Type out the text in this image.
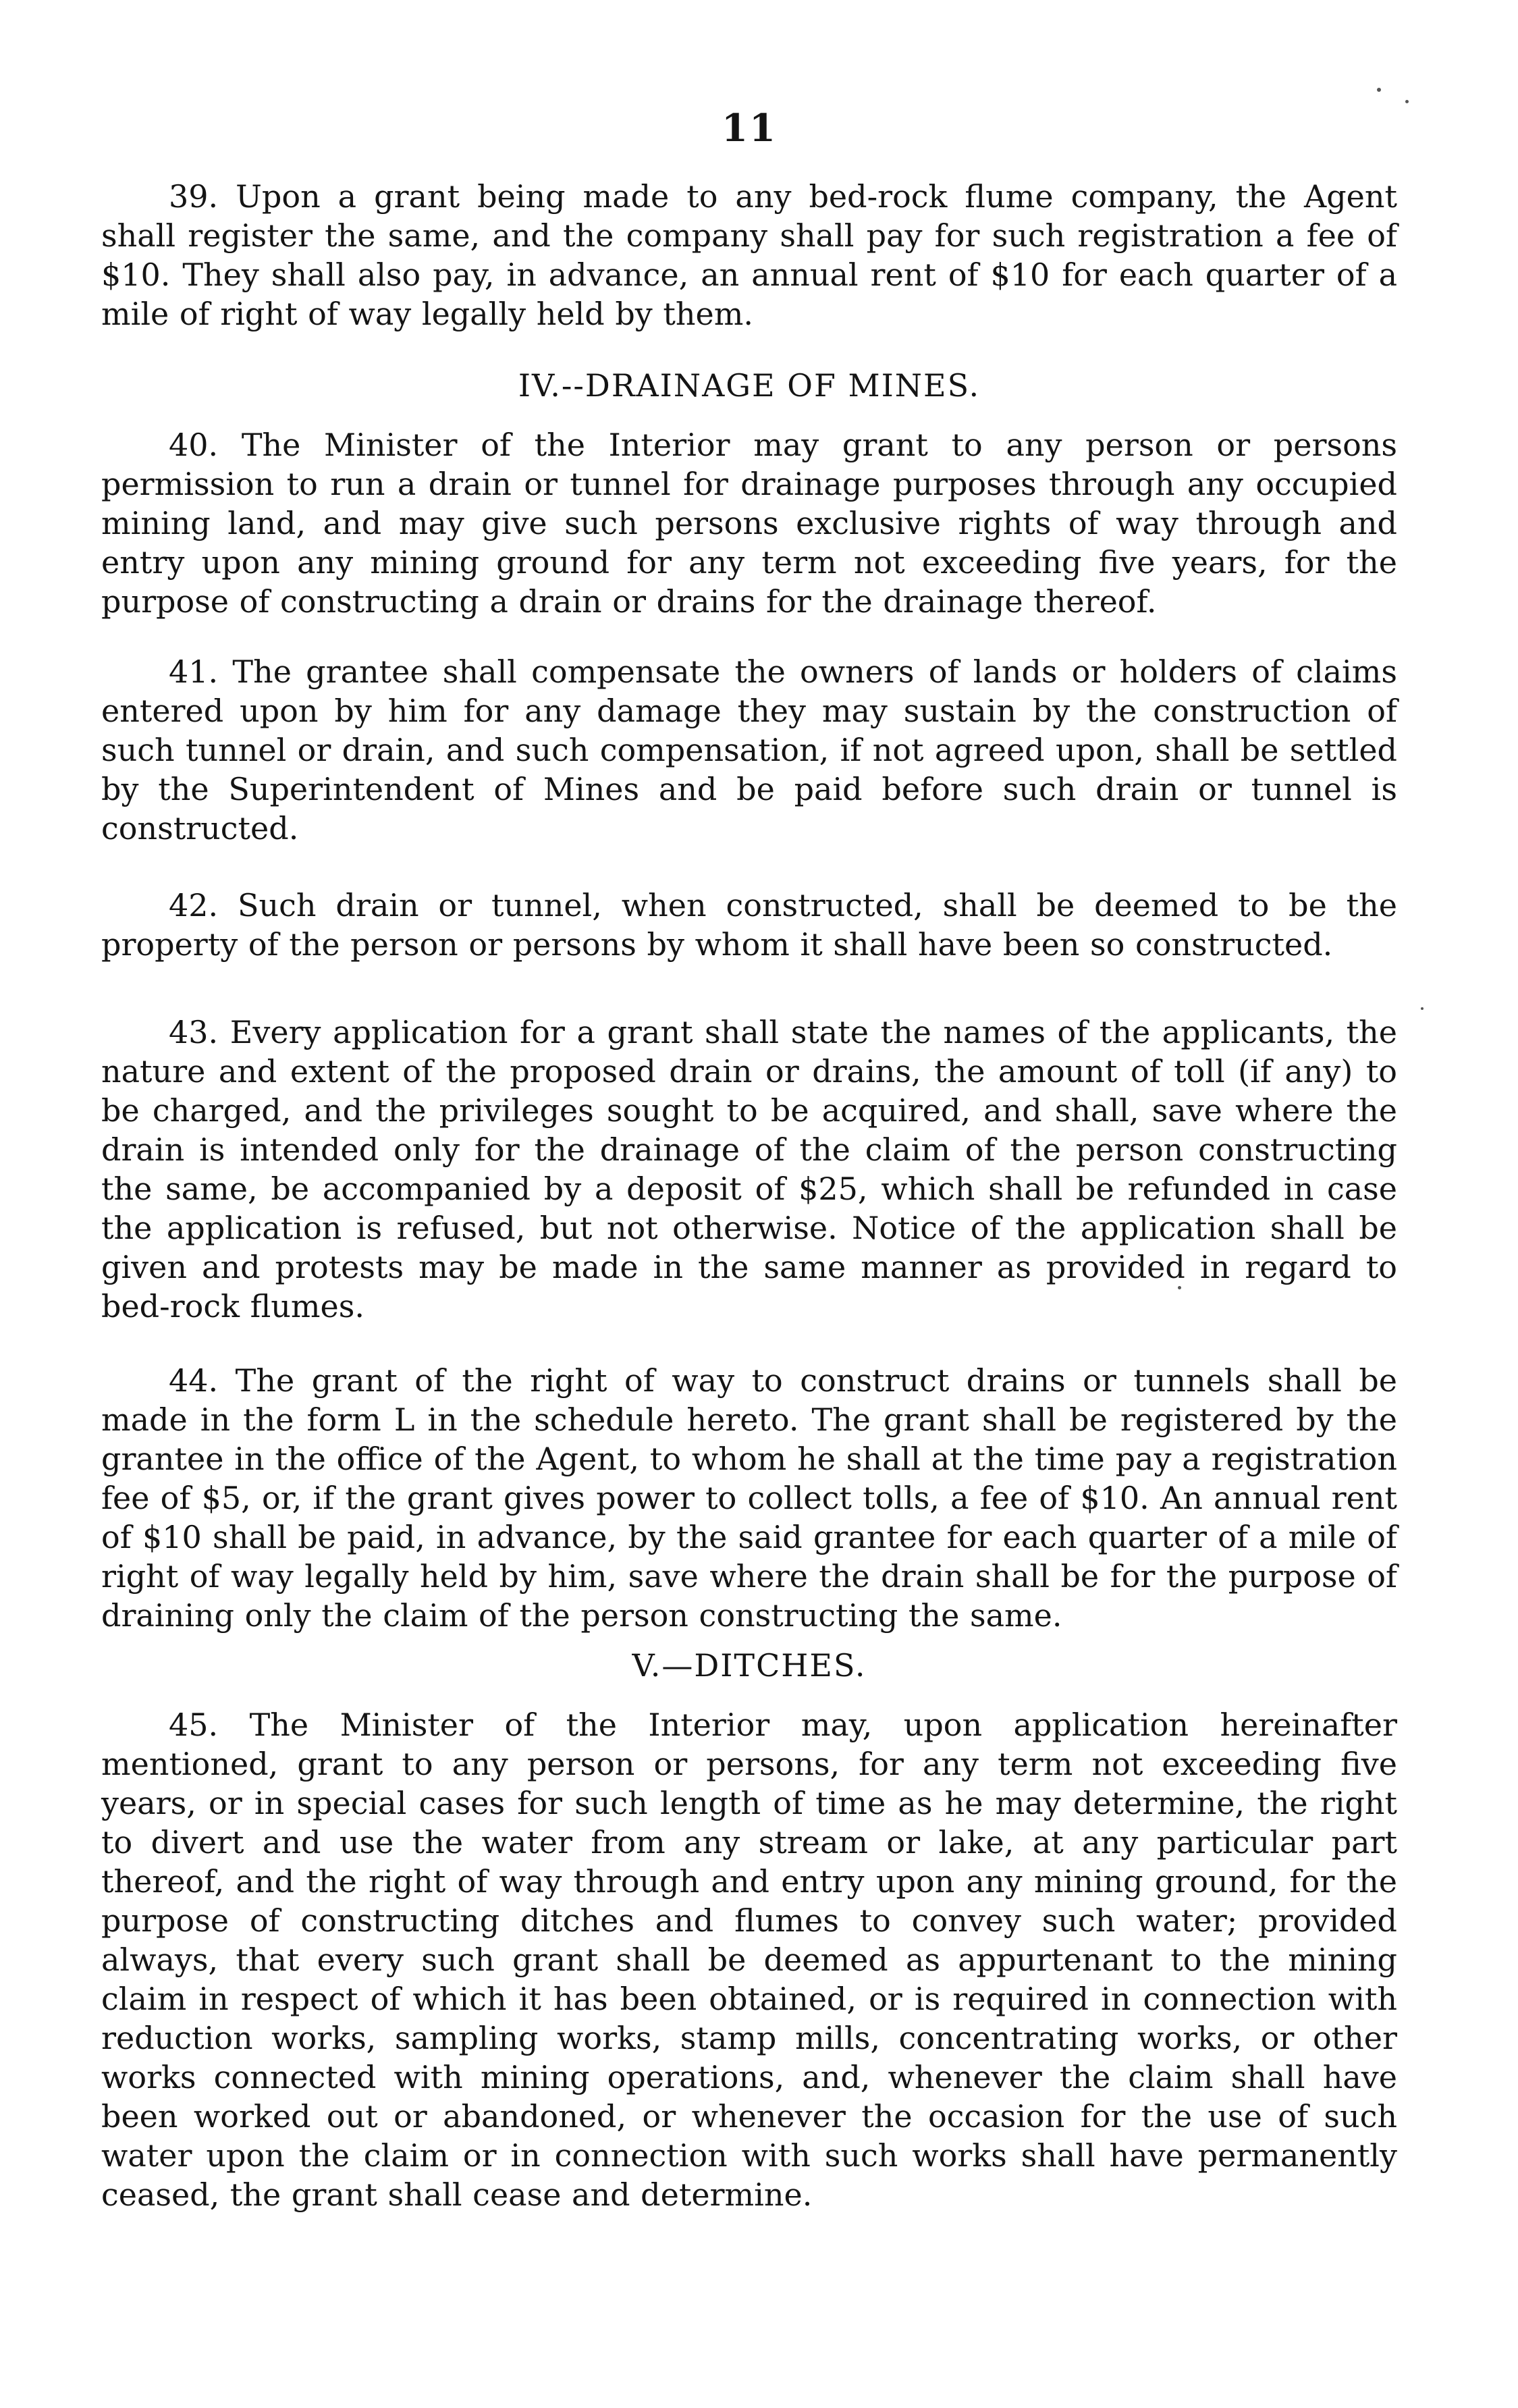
11

39. Upon a grant being made to any bed-rock flume company, the Agent shall register the same, and the company shall pay for such registration a fee of $10. They shall also pay, in advance, an annual rent of $10 for each quarter of a mile of right of way legally held by them.

IV.--DRAINAGE OF MINES.

40. The Minister of the Interior may grant to any person or persons permission to run a drain or tunnel for drainage purposes through any occupied mining land, and may give such persons exclusive rights of way through and entry upon any mining ground for any term not exceeding five years, for the purpose of constructing a drain or drains for the drainage thereof.

41. The grantee shall compensate the owners of lands or holders of claims entered upon by him for any damage they may sustain by the construction of such tunnel or drain, and such compensation, if not agreed upon, shall be settled by the Superintendent of Mines and be paid before such drain or tunnel is constructed.

42. Such drain or tunnel, when constructed, shall be deemed to be the property of the person or persons by whom it shall have been so constructed.

43. Every application for a grant shall state the names of the applicants, the nature and extent of the proposed drain or drains, the amount of toll (if any) to be charged, and the privileges sought to be acquired, and shall, save where the drain is intended only for the drainage of the claim of the person constructing the same, be accompanied by a deposit of $25, which shall be refunded in case the application is refused, but not otherwise. Notice of the application shall be given and protests may be made in the same manner as provided in regard to bed-rock flumes.

44. The grant of the right of way to construct drains or tunnels shall be made in the form L in the schedule hereto. The grant shall be registered by the grantee in the office of the Agent, to whom he shall at the time pay a registration fee of $5, or, if the grant gives power to collect tolls, a fee of $10. An annual rent of $10 shall be paid, in advance, by the said grantee for each quarter of a mile of right of way legally held by him, save where the drain shall be for the purpose of draining only the claim of the person constructing the same.

V.—DITCHES.

45. The Minister of the Interior may, upon application hereinafter mentioned, grant to any person or persons, for any term not exceeding five years, or in special cases for such length of time as he may determine, the right to divert and use the water from any stream or lake, at any particular part thereof, and the right of way through and entry upon any mining ground, for the purpose of constructing ditches and flumes to convey such water; provided always, that every such grant shall be deemed as appurtenant to the mining claim in respect of which it has been obtained, or is required in connection with reduction works, sampling works, stamp mills, concentrating works, or other works connected with mining operations, and, whenever the claim shall have been worked out or abandoned, or whenever the occasion for the use of such water upon the claim or in connection with such works shall have permanently ceased, the grant shall cease and determine.
